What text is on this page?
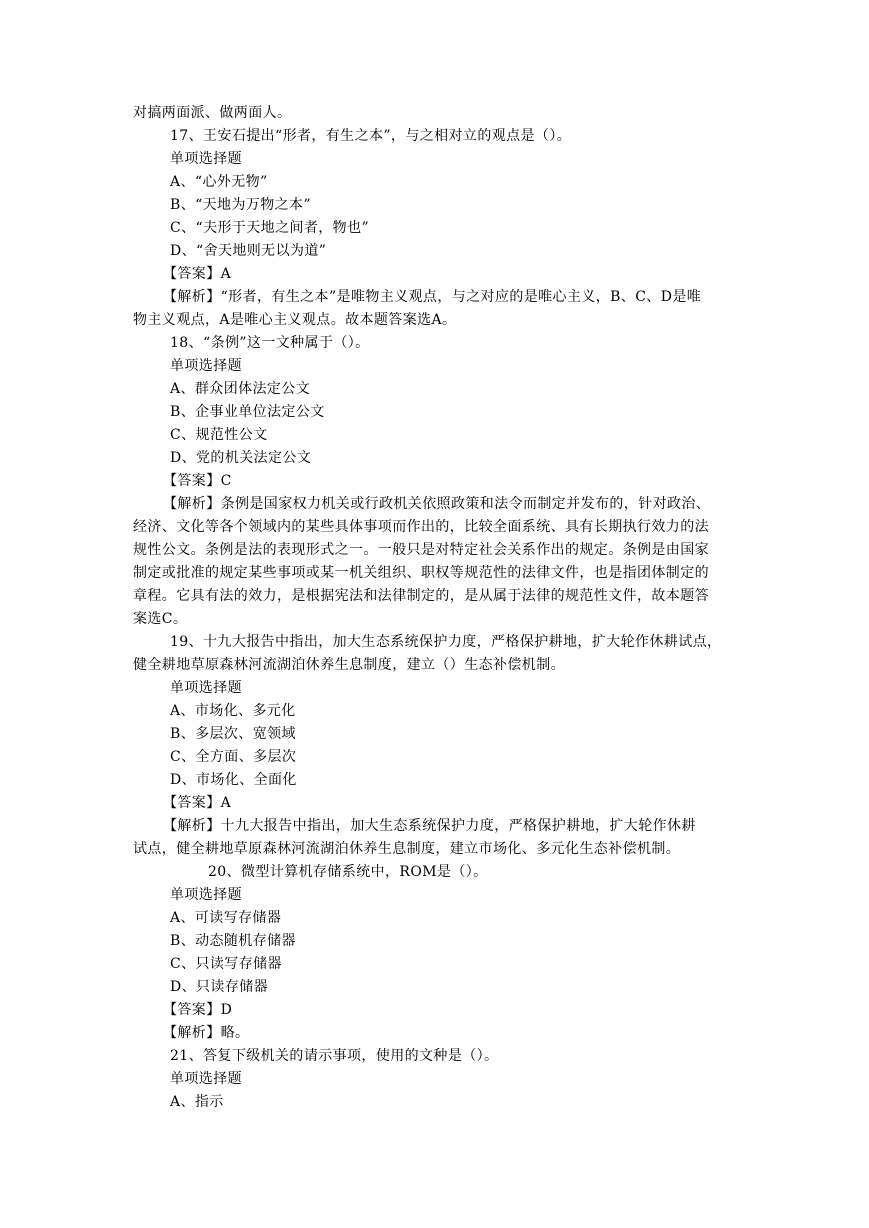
对搞两面派、做两面人。
17、王安石提出“形者，有生之本”，与之相对立的观点是（）。
单项选择题
A、“心外无物”
B、“天地为万物之本”
C、“夫形于天地之间者，物也”
D、“舍天地则无以为道”
【答案】A
【解析】“形者，有生之本”是唯物主义观点，与之对应的是唯心主义，B、C、D是唯
物主义观点，A是唯心主义观点。故本题答案选A。
18、“条例”这一文种属于（）。
单项选择题
A、群众团体法定公文
B、企事业单位法定公文
C、规范性公文
D、党的机关法定公文
【答案】C
【解析】条例是国家权力机关或行政机关依照政策和法令而制定并发布的，针对政治、
经济、文化等各个领域内的某些具体事项而作出的，比较全面系统、具有长期执行效力的法
规性公文。条例是法的表现形式之一。一般只是对特定社会关系作出的规定。条例是由国家
制定或批准的规定某些事项或某一机关组织、职权等规范性的法律文件，也是指团体制定的
章程。它具有法的效力，是根据宪法和法律制定的，是从属于法律的规范性文件，故本题答
案选C。
19、十九大报告中指出，加大生态系统保护力度，严格保护耕地，扩大轮作休耕试点，
健全耕地草原森林河流湖泊休养生息制度，建立（）生态补偿机制。
单项选择题
A、市场化、多元化
B、多层次、宽领域
C、全方面、多层次
D、市场化、全面化
【答案】A
【解析】十九大报告中指出，加大生态系统保护力度，严格保护耕地，扩大轮作休耕
试点，健全耕地草原森林河流湖泊休养生息制度，建立市场化、多元化生态补偿机制。
20、微型计算机存储系统中，ROM是（）。
单项选择题
A、可读写存储器
B、动态随机存储器
C、只读写存储器
D、只读存储器
【答案】D
【解析】略。
21、答复下级机关的请示事项，使用的文种是（）。
单项选择题
A、指示
